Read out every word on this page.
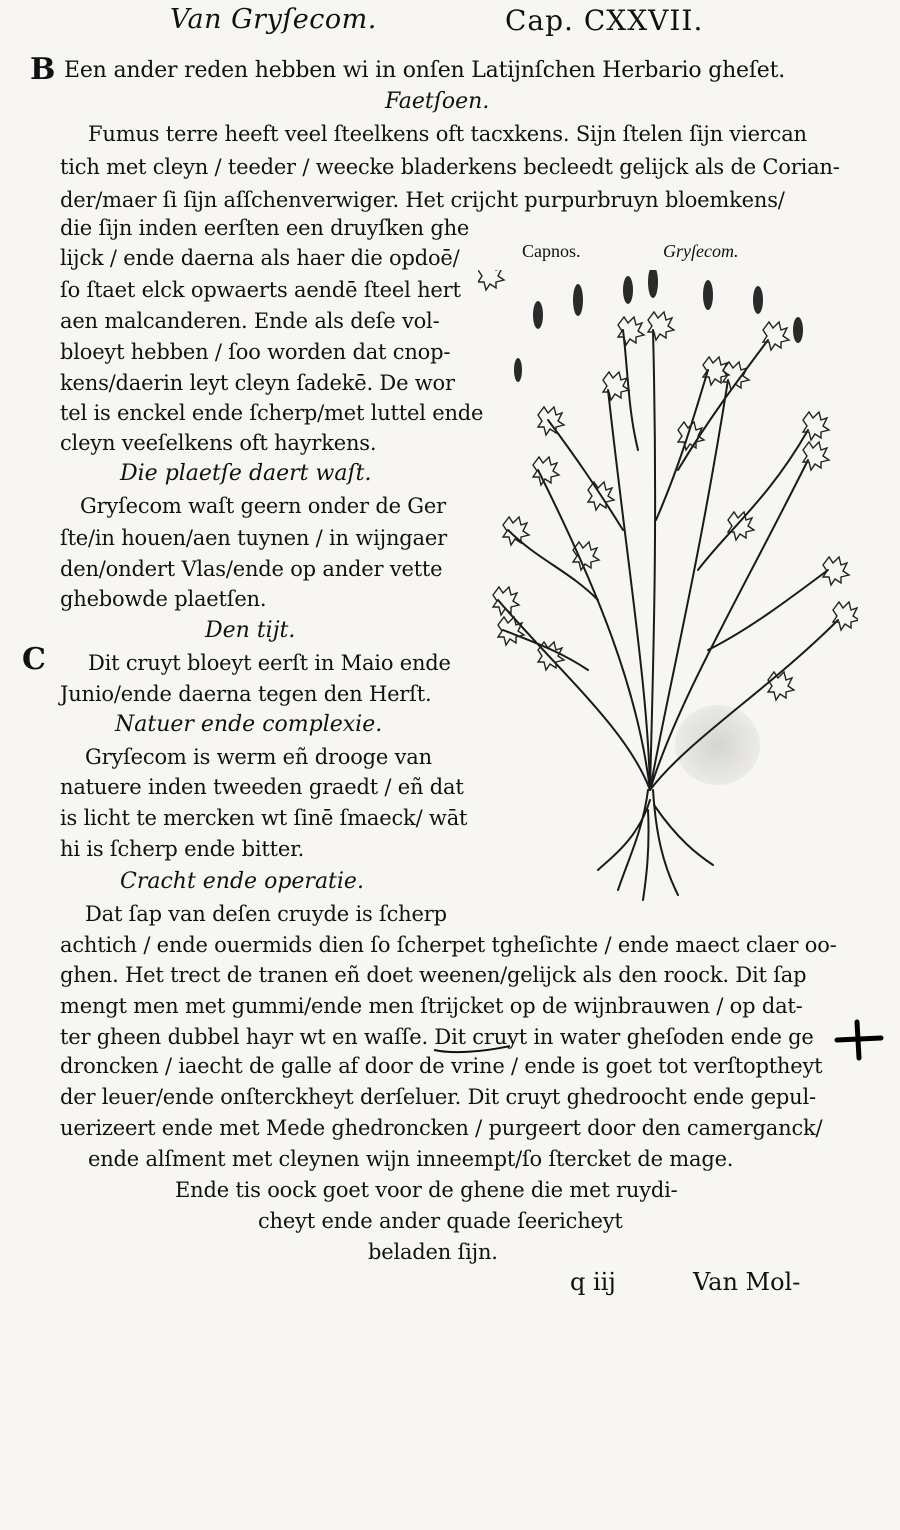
Van Gryſecom.	Cap. CXXVII.
B Een ander reden hebben wi in onſen Latijnſchen Herbario gheſet.
Faetſoen.
Fumus terre heeft veel ſteelkens oft tacxkens. Sijn ſtelen ſijn viercan
tich met cleyn / teeder / weecke bladerkens becleedt gelijck als de Corian-
der/maer ſi ſijn aſſchenverwiger. Het crijcht purpurbruyn bloemkens/
die ſijn inden eerſten een druyſken ghe
lijck / ende daerna als haer die opdoē/
ſo ſtaet elck opwaerts aendē ſteel hert
aen malcanderen. Ende als deſe vol-
bloeyt hebben / ſoo worden dat cnop-
kens/daerin leyt cleyn ſadekē. De wor
tel is enckel ende ſcherp/met luttel ende
cleyn veeſelkens oft hayrkens.
Die plaetſe daert waſt.
Gryſecom waſt geern onder de Ger
ſte/in houen/aen tuynen / in wijngaer
den/ondert Vlas/ende op ander vette
ghebowde plaetſen.
Den tijt.
C Dit cruyt bloeyt eerſt in Maio ende
Junio/ende daerna tegen den Herſt.
Natuer ende complexie.
Gryſecom is werm eñ drooge van
natuere inden tweeden graedt / eñ dat
is licht te mercken wt ſinē ſmaeck/ wāt
hi is ſcherp ende bitter.
Cracht ende operatie.
Dat ſap van deſen cruyde is ſcherp
achtich / ende ouermids dien ſo ſcherpet tgheſichte / ende maect claer oo-
ghen. Het trect de tranen eñ doet weenen/gelijck als den roock. Dit ſap
mengt men met gummi/ende men ſtrijcket op de wijnbrauwen / op dat-
ter gheen dubbel hayr wt en waſſe. Dit cruyt in water gheſoden ende ge
droncken / iaecht de galle af door de vrine / ende is goet tot verſtoptheyt
der leuer/ende onſterckheyt derſeluer. Dit cruyt ghedroocht ende gepul-
uerizeert ende met Mede ghedroncken / purgeert door den camerganck/
ende alſment met cleynen wijn inneempt/ſo ſtercket de mage.
Ende tis oock goet voor de ghene die met ruydi-
cheyt ende ander quade ſeericheyt
beladen ſijn.
q iij	Van Mol-
Capnos.	Gryſecom.
